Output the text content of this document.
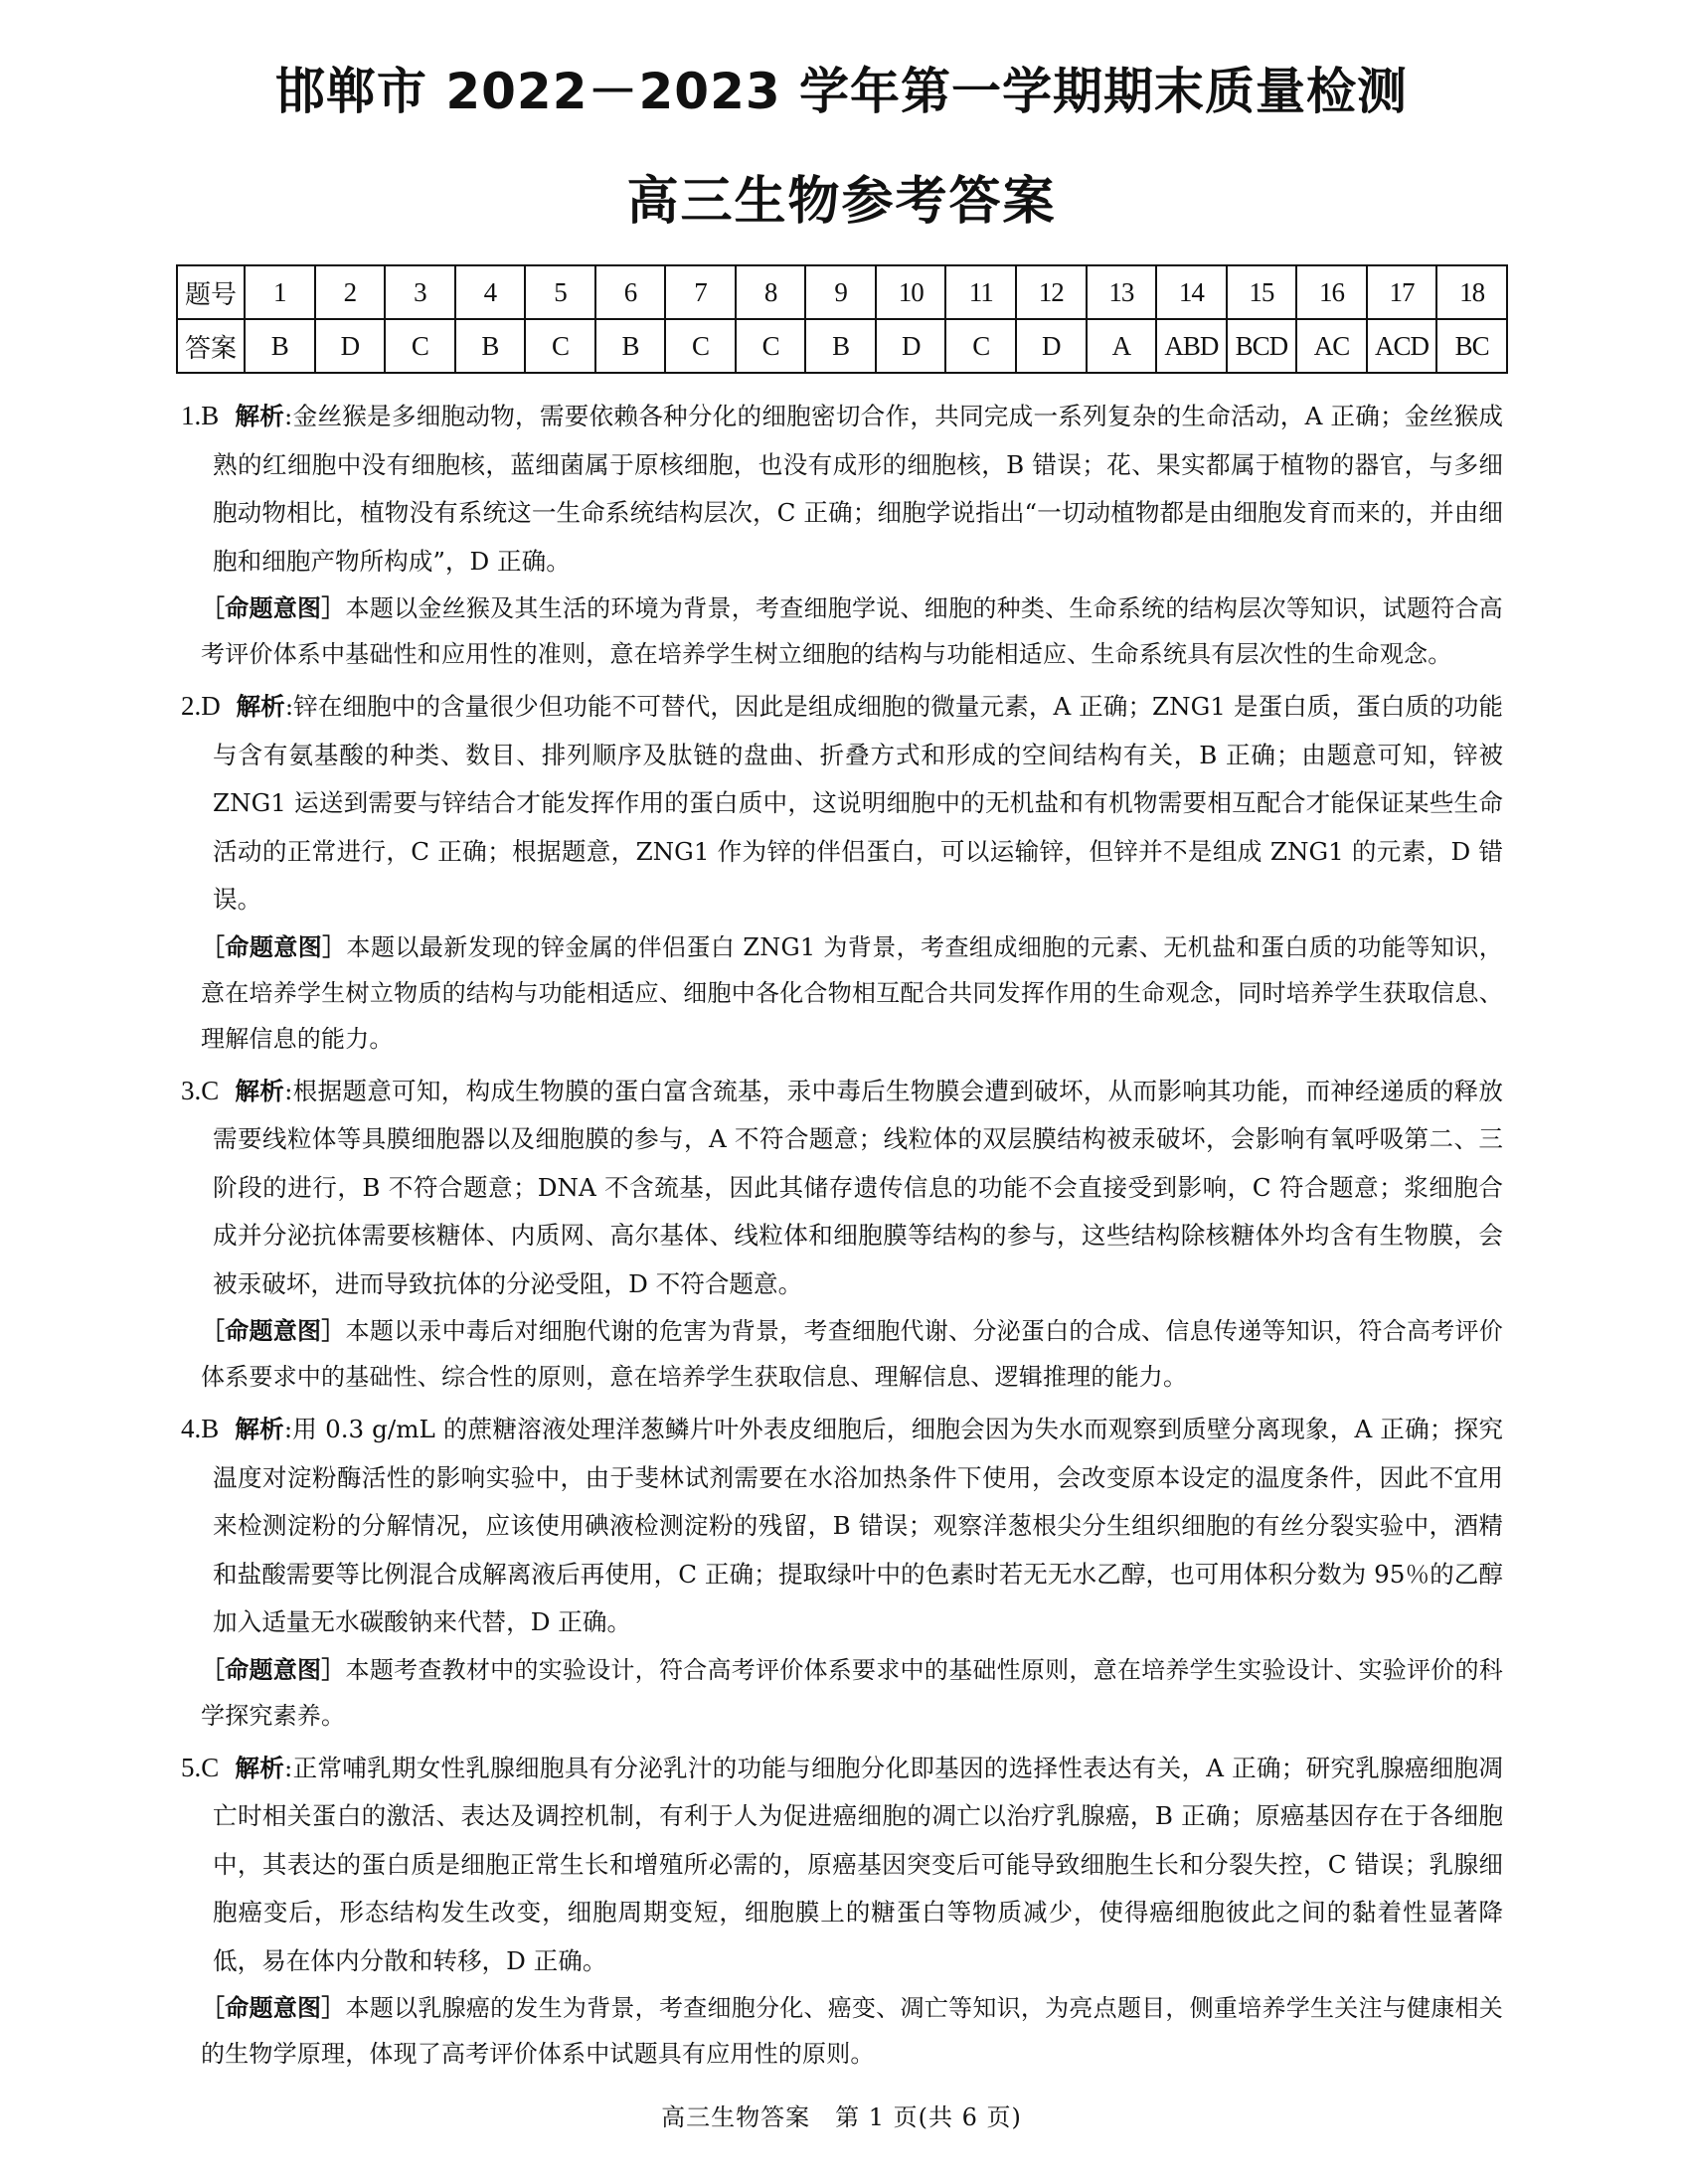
邯郸市 2022－2023 学年第一学期期末质量检测
高三生物参考答案
题号	1	2	3	4	5	6	7	8	9	10	11	12	13	14	15	16	17	18
答案	B	D	C	B	C	B	C	C	B	D	C	D	A	ABD	BCD	AC	ACD	BC
1.B 解析:金丝猴是多细胞动物，需要依赖各种分化的细胞密切合作，共同完成一系列复杂的生命活动，A 正确；金丝猴成熟的红细胞中没有细胞核，蓝细菌属于原核细胞，也没有成形的细胞核，B 错误；花、果实都属于植物的器官，与多细胞动物相比，植物没有系统这一生命系统结构层次，C 正确；细胞学说指出“一切动植物都是由细胞发育而来的，并由细胞和细胞产物所构成”，D 正确。
［命题意图］本题以金丝猴及其生活的环境为背景，考查细胞学说、细胞的种类、生命系统的结构层次等知识，试题符合高考评价体系中基础性和应用性的准则，意在培养学生树立细胞的结构与功能相适应、生命系统具有层次性的生命观念。
2.D 解析:锌在细胞中的含量很少但功能不可替代，因此是组成细胞的微量元素，A 正确；ZNG1 是蛋白质，蛋白质的功能与含有氨基酸的种类、数目、排列顺序及肽链的盘曲、折叠方式和形成的空间结构有关，B 正确；由题意可知，锌被 ZNG1 运送到需要与锌结合才能发挥作用的蛋白质中，这说明细胞中的无机盐和有机物需要相互配合才能保证某些生命活动的正常进行，C 正确；根据题意，ZNG1 作为锌的伴侣蛋白，可以运输锌，但锌并不是组成 ZNG1 的元素，D 错误。
［命题意图］本题以最新发现的锌金属的伴侣蛋白 ZNG1 为背景，考查组成细胞的元素、无机盐和蛋白质的功能等知识，意在培养学生树立物质的结构与功能相适应、细胞中各化合物相互配合共同发挥作用的生命观念，同时培养学生获取信息、理解信息的能力。
3.C 解析:根据题意可知，构成生物膜的蛋白富含巯基，汞中毒后生物膜会遭到破坏，从而影响其功能，而神经递质的释放需要线粒体等具膜细胞器以及细胞膜的参与，A 不符合题意；线粒体的双层膜结构被汞破坏，会影响有氧呼吸第二、三阶段的进行，B 不符合题意；DNA 不含巯基，因此其储存遗传信息的功能不会直接受到影响，C 符合题意；浆细胞合成并分泌抗体需要核糖体、内质网、高尔基体、线粒体和细胞膜等结构的参与，这些结构除核糖体外均含有生物膜，会被汞破坏，进而导致抗体的分泌受阻，D 不符合题意。
［命题意图］本题以汞中毒后对细胞代谢的危害为背景，考查细胞代谢、分泌蛋白的合成、信息传递等知识，符合高考评价体系要求中的基础性、综合性的原则，意在培养学生获取信息、理解信息、逻辑推理的能力。
4.B 解析:用 0.3 g/mL 的蔗糖溶液处理洋葱鳞片叶外表皮细胞后，细胞会因为失水而观察到质壁分离现象，A 正确；探究温度对淀粉酶活性的影响实验中，由于斐林试剂需要在水浴加热条件下使用，会改变原本设定的温度条件，因此不宜用来检测淀粉的分解情况，应该使用碘液检测淀粉的残留，B 错误；观察洋葱根尖分生组织细胞的有丝分裂实验中，酒精和盐酸需要等比例混合成解离液后再使用，C 正确；提取绿叶中的色素时若无无水乙醇，也可用体积分数为 95％的乙醇加入适量无水碳酸钠来代替，D 正确。
［命题意图］本题考查教材中的实验设计，符合高考评价体系要求中的基础性原则，意在培养学生实验设计、实验评价的科学探究素养。
5.C 解析:正常哺乳期女性乳腺细胞具有分泌乳汁的功能与细胞分化即基因的选择性表达有关，A 正确；研究乳腺癌细胞凋亡时相关蛋白的激活、表达及调控机制，有利于人为促进癌细胞的凋亡以治疗乳腺癌，B 正确；原癌基因存在于各细胞中，其表达的蛋白质是细胞正常生长和增殖所必需的，原癌基因突变后可能导致细胞生长和分裂失控，C 错误；乳腺细胞癌变后，形态结构发生改变，细胞周期变短，细胞膜上的糖蛋白等物质减少，使得癌细胞彼此之间的黏着性显著降低，易在体内分散和转移，D 正确。
［命题意图］本题以乳腺癌的发生为背景，考查细胞分化、癌变、凋亡等知识，为亮点题目，侧重培养学生关注与健康相关的生物学原理，体现了高考评价体系中试题具有应用性的原则。
高三生物答案　第 1 页(共 6 页)
